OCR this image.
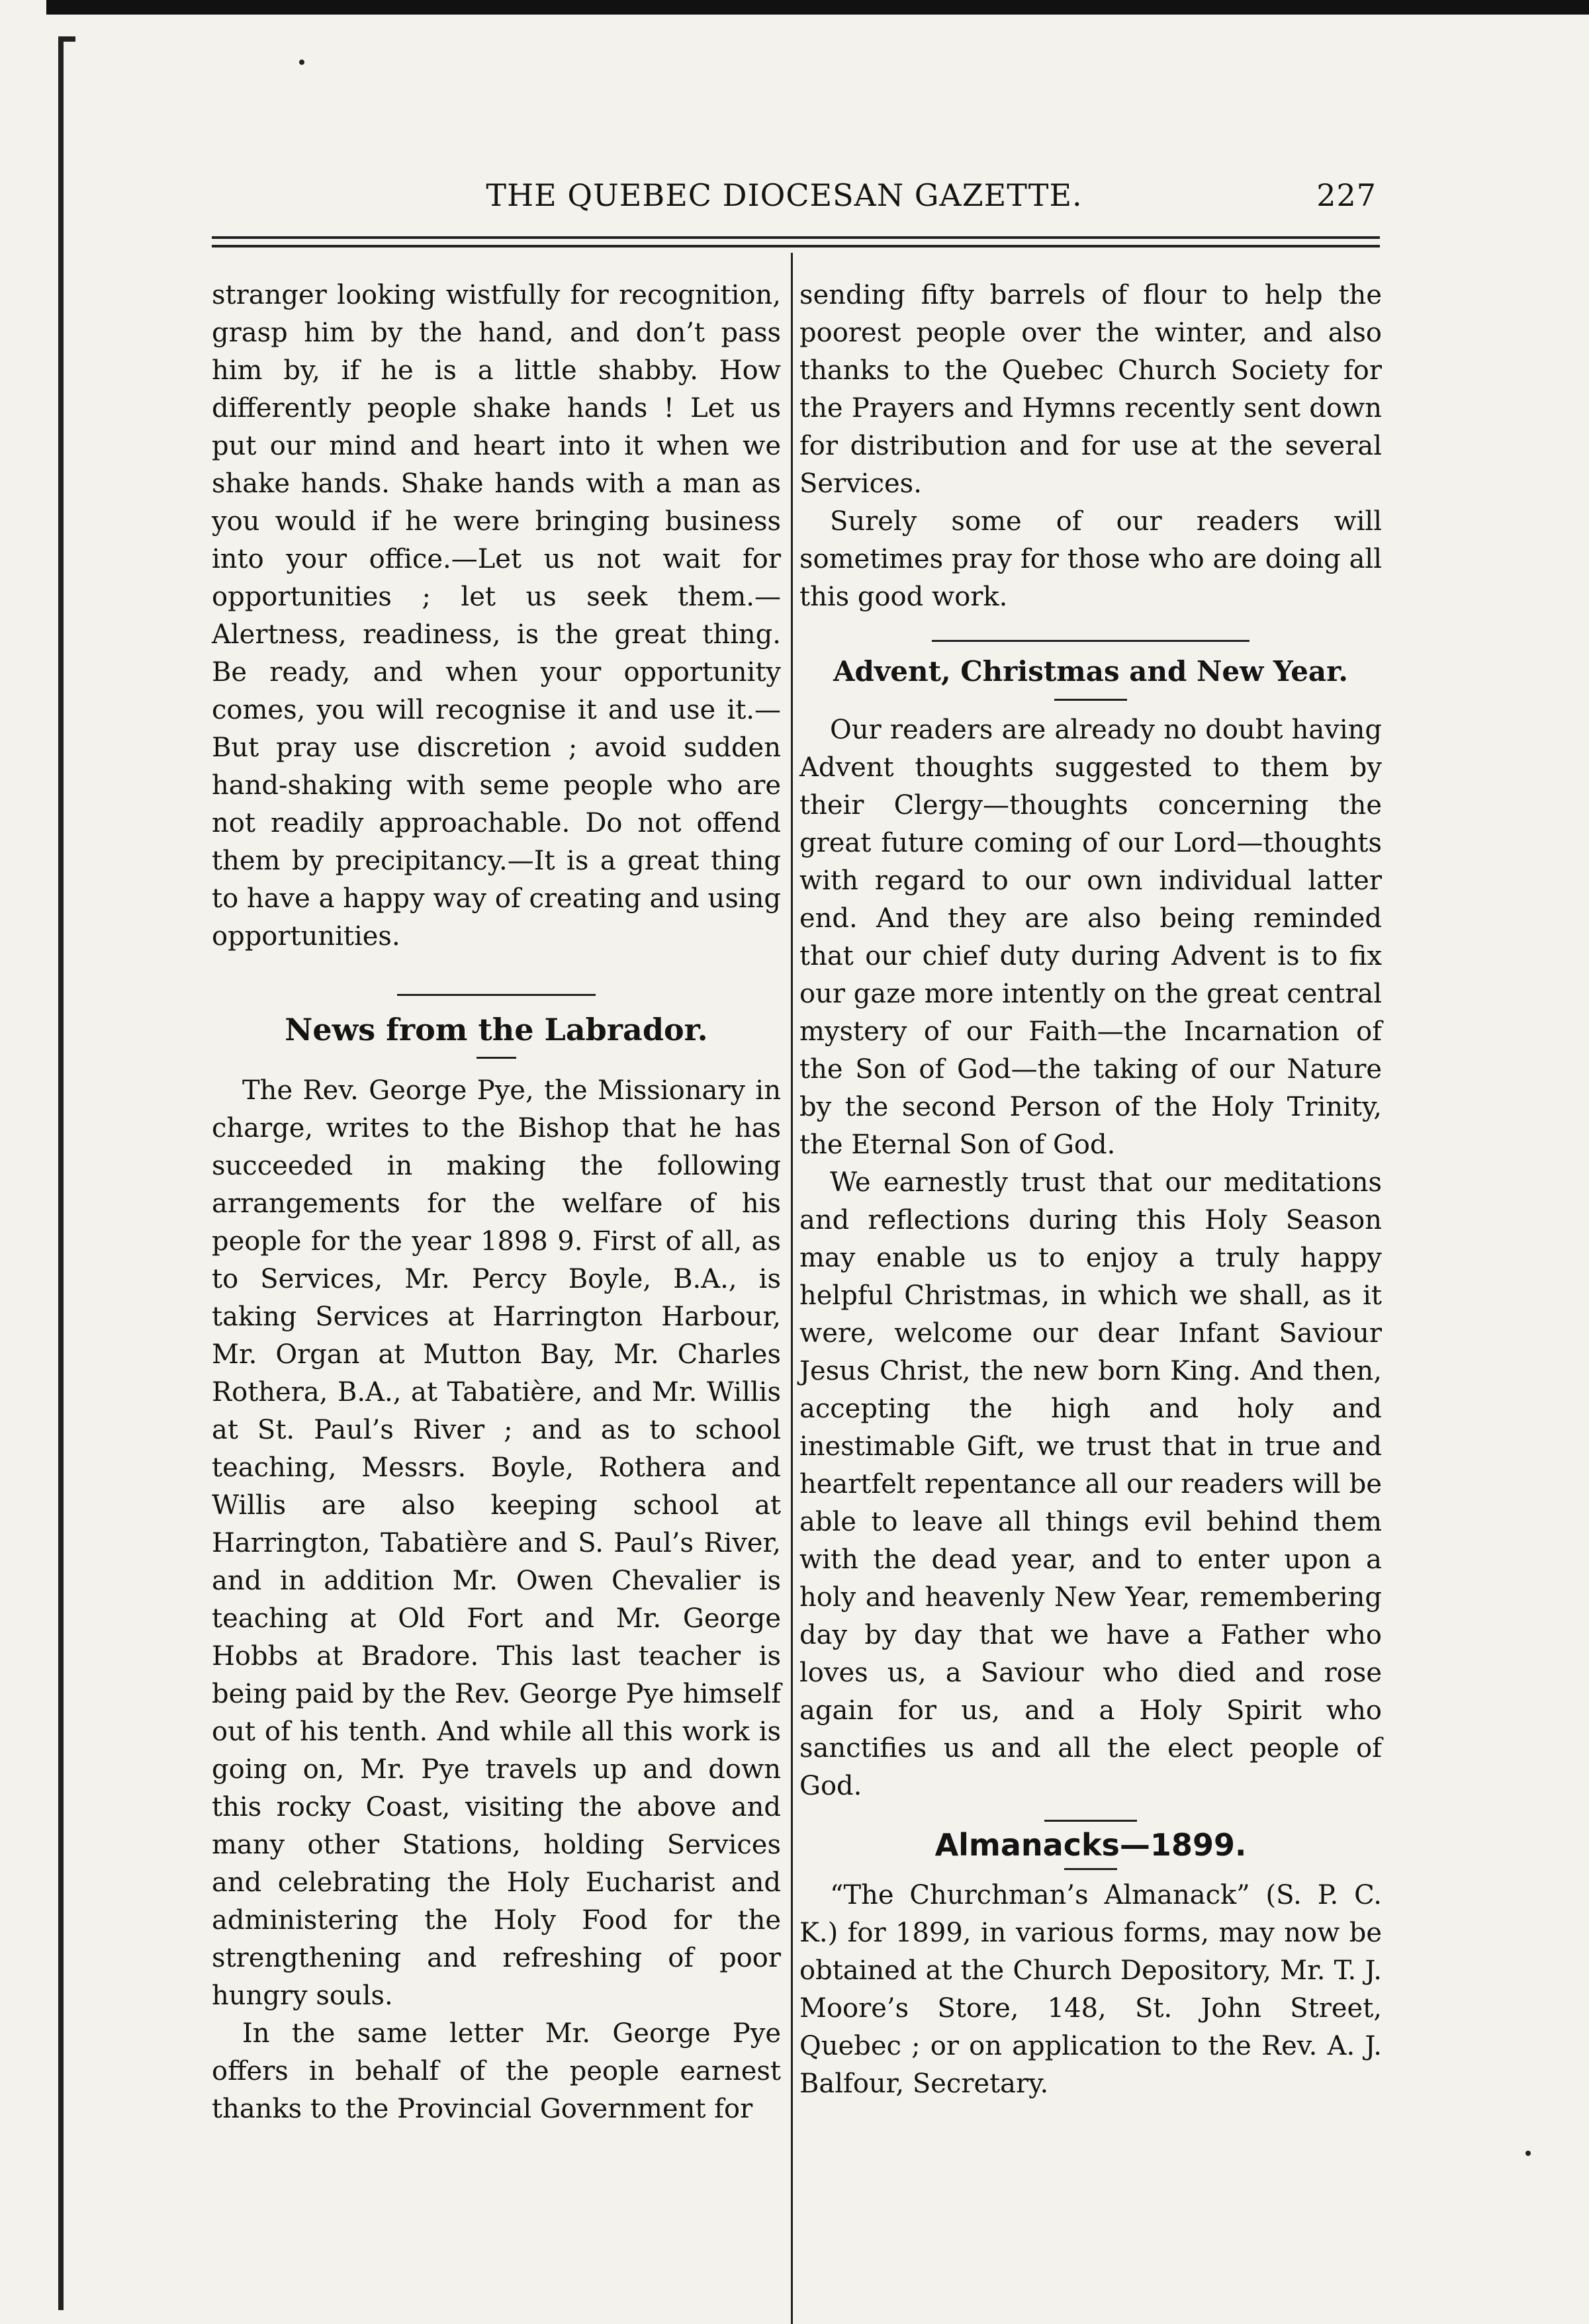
THE QUEBEC DIOCESAN GAZETTE.	227

stranger looking wistfully for recognition, grasp him by the hand, and don’t pass him by, if he is a little shabby. How differently people shake hands ! Let us put our mind and heart into it when we shake hands. Shake hands with a man as you would if he were bringing business into your office.—Let us not wait for opportunities ; let us seek them.—Alertness, readiness, is the great thing. Be ready, and when your opportunity comes, you will recognise it and use it.—But pray use discretion ; avoid sudden hand-shaking with seme people who are not readily approachable. Do not offend them by precipitancy.—It is a great thing to have a happy way of creating and using opportunities.

News from the Labrador.

The Rev. George Pye, the Missionary in charge, writes to the Bishop that he has succeeded in making the following arrangements for the welfare of his people for the year 1898 9. First of all, as to Services, Mr. Percy Boyle, B.A., is taking Services at Harrington Harbour, Mr. Organ at Mutton Bay, Mr. Charles Rothera, B.A., at Tabatière, and Mr. Willis at St. Paul’s River ; and as to school teaching, Messrs. Boyle, Rothera and Willis are also keeping school at Harrington, Tabatière and S. Paul’s River, and in addition Mr. Owen Chevalier is teaching at Old Fort and Mr. George Hobbs at Bradore. This last teacher is being paid by the Rev. George Pye himself out of his tenth. And while all this work is going on, Mr. Pye travels up and down this rocky Coast, visiting the above and many other Stations, holding Services and celebrating the Holy Eucharist and administering the Holy Food for the strengthening and refreshing of poor hungry souls.

In the same letter Mr. George Pye offers in behalf of the people earnest thanks to the Provincial Government for

sending fifty barrels of flour to help the poorest people over the winter, and also thanks to the Quebec Church Society for the Prayers and Hymns recently sent down for distribution and for use at the several Services.

Surely some of our readers will sometimes pray for those who are doing all this good work.

Advent, Christmas and New Year.

Our readers are already no doubt having Advent thoughts suggested to them by their Clergy—thoughts concerning the great future coming of our Lord—thoughts with regard to our own individual latter end. And they are also being reminded that our chief duty during Advent is to fix our gaze more intently on the great central mystery of our Faith—the Incarnation of the Son of God—the taking of our Nature by the second Person of the Holy Trinity, the Eternal Son of God.

We earnestly trust that our meditations and reflections during this Holy Season may enable us to enjoy a truly happy helpful Christmas, in which we shall, as it were, welcome our dear Infant Saviour Jesus Christ, the new born King. And then, accepting the high and holy and inestimable Gift, we trust that in true and heartfelt repentance all our readers will be able to leave all things evil behind them with the dead year, and to enter upon a holy and heavenly New Year, remembering day by day that we have a Father who loves us, a Saviour who died and rose again for us, and a Holy Spirit who sanctifies us and all the elect people of God.

Almanacks—1899.

“The Churchman’s Almanack” (S. P. C. K.) for 1899, in various forms, may now be obtained at the Church Depository, Mr. T. J. Moore’s Store, 148, St. John Street, Quebec ; or on application to the Rev. A. J. Balfour, Secretary.
